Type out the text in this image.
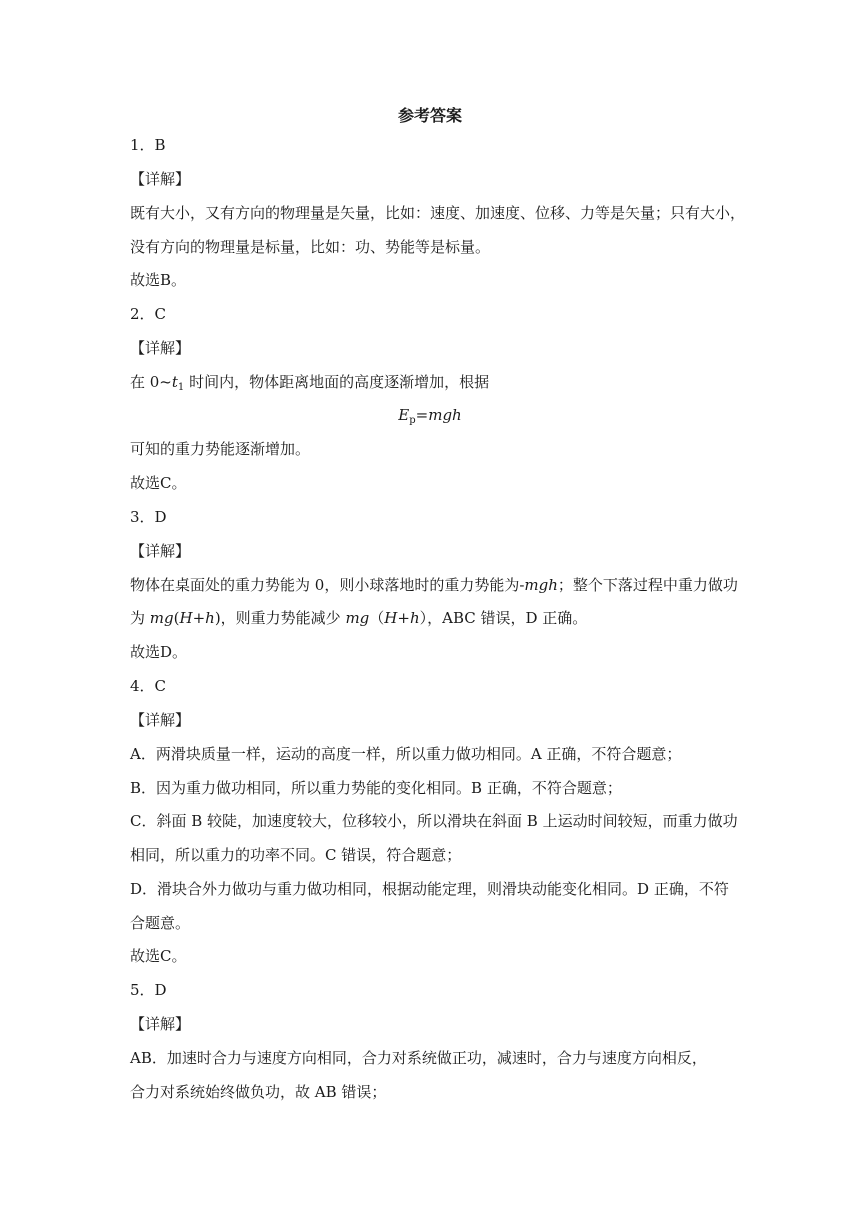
参考答案
1．B
【详解】
既有大小，又有方向的物理量是矢量，比如：速度、加速度、位移、力等是矢量；只有大小，
没有方向的物理量是标量，比如：功、势能等是标量。
故选B。
2．C
【详解】
在 $0\sim t_1$ 时间内，物体距离地面的高度逐渐增加，根据
$E_p=mgh$
可知的重力势能逐渐增加。
故选C。
3．D
【详解】
物体在桌面处的重力势能为 0，则小球落地时的重力势能为-mgh；整个下落过程中重力做功
为 mg(H+h)，则重力势能减少 mg（H+h），ABC 错误，D 正确。
故选D。
4．C
【详解】
A．两滑块质量一样，运动的高度一样，所以重力做功相同。A 正确，不符合题意；
B．因为重力做功相同，所以重力势能的变化相同。B 正确，不符合题意；
C．斜面 B 较陡，加速度较大，位移较小，所以滑块在斜面 B 上运动时间较短，而重力做功
相同，所以重力的功率不同。C 错误，符合题意；
D．滑块合外力做功与重力做功相同，根据动能定理，则滑块动能变化相同。D 正确，不符
合题意。
故选C。
5．D
【详解】
AB．加速时合力与速度方向相同，合力对系统做正功，减速时，合力与速度方向相反，
合力对系统始终做负功，故 AB 错误；
